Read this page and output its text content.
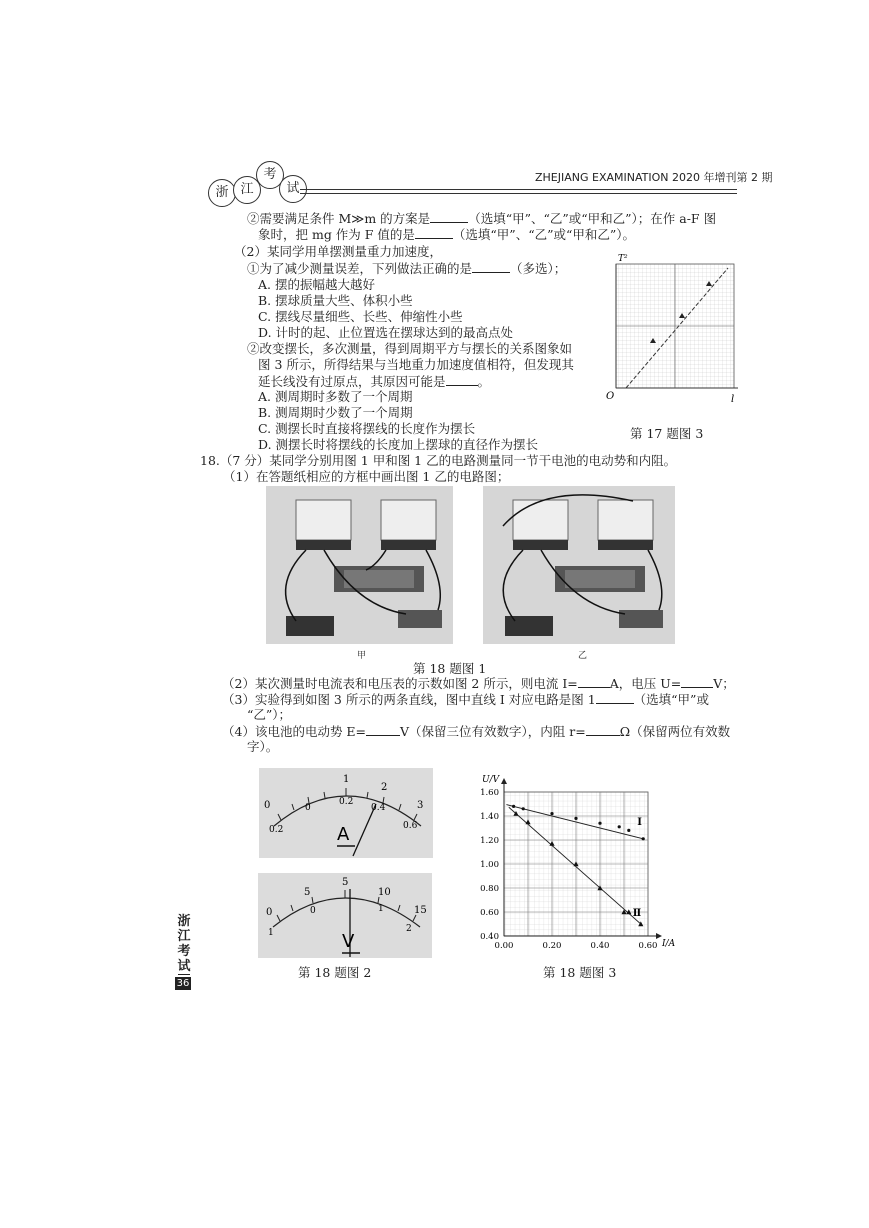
浙 江
考
试
ZHEJIANG EXAMINATION 2020 年增刊第 2 期
②需要满足条件 M≫m 的方案是	（选填“甲”、“乙”或“甲和乙”）；在作 a-F 图
象时，把 mg 作为 F 值的是	（选填“甲”、“乙”或“甲和乙”）。
（2）某同学用单摆测量重力加速度，
①为了减少测量误差，下列做法正确的是	（多选）；
A. 摆的振幅越大越好
B. 摆球质量大些、体积小些
C. 摆线尽量细些、长些、伸缩性小些
D. 计时的起、止位置选在摆球达到的最高点处
②改变摆长，多次测量，得到周期平方与摆长的关系图象如
图 3 所示，所得结果与当地重力加速度值相符，但发现其
延长线没有过原点，其原因可能是	。
A. 测周期时多数了一个周期
B. 测周期时少数了一个周期
C. 测摆长时直接将摆线的长度作为摆长
D. 测摆长时将摆线的长度加上摆球的直径作为摆长
T²
O	l
第 17 题图 3
18.（7 分）某同学分别用图 1 甲和图 1 乙的电路测量同一节干电池的电动势和内阻。
（1）在答题纸相应的方框中画出图 1 乙的电路图；
甲	乙
第 18 题图 1
（2）某次测量时电流表和电压表的示数如图 2 所示，则电流 I=	A，电压 U=	V；
（3）实验得到如图 3 所示的两条直线，图中直线 Ⅰ 对应电路是图 1	（选填“甲”或
“乙”）；
（4）该电池的电动势 E=	V（保留三位有效数字），内阻 r=	Ω（保留两位有效数
字）。
0
1
2
3
0.2
0
0.2
0.4
0.6
A
5
0
5	10
15
1
0	1
2
V
第 18 题图 2
0.40
0.60
0.80
1.00
1.20
1.40
1.60
0.00	0.20	0.40	0.60
U/V
I/A
Ⅰ
Ⅱ
第 18 题图 3
浙
江
考
试
36
